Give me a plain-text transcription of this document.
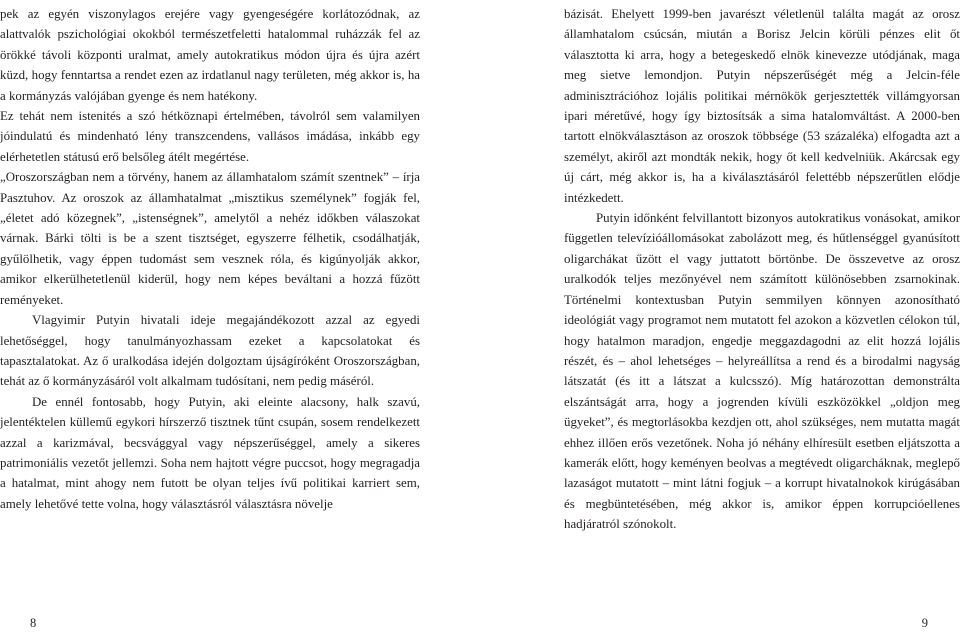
pek az egyén viszonylagos erejére vagy gyengeségére korlátozódnak, az alattvalók pszichológiai okokból természetfeletti hatalommal ruházzák fel az örökké távoli központi uralmat, amely autokratikus módon újra és újra azért küzd, hogy fenntartsa a rendet ezen az irdatlanul nagy területen, még akkor is, ha a kormányzás valójában gyenge és nem hatékony.

Ez tehát nem istenités a szó hétköznapi értelmében, távolról sem valamilyen jóindulatú és mindenható lény transzcendens, vallásos imádása, inkább egy elérhetetlen státusú erő belsőleg átélt megértése.

„Oroszországban nem a törvény, hanem az államhatalom számít szentnek” – írja Pasztuhov. Az oroszok az államhatalmat „misztikus személynek” fogják fel, „életet adó közegnek”, „istenségnek”, amelytől a nehéz időkben válaszokat várnak. Bárki tölti is be a szent tisztséget, egyszerre félhetik, csodálhatják, gyűlölhetik, vagy éppen tudomást sem vesznek róla, és kigúnyolják akkor, amikor elkerülhetetlenül kiderül, hogy nem képes beváltani a hozzá fűzött reményeket.

Vlagyimir Putyin hivatali ideje megajándékozott azzal az egyedi lehetőséggel, hogy tanulmányozhassam ezeket a kapcsolatokat és tapasztalatokat. Az ő uralkodása idején dolgoztam újságíróként Oroszországban, tehát az ő kormányzásáról volt alkalmam tudósítani, nem pedig máséról.

De ennél fontosabb, hogy Putyin, aki eleinte alacsony, halk szavú, jelentéktelen küllemű egykori hírszerző tisztnek tűnt csupán, sosem rendelkezett azzal a karizmával, becsvággyal vagy népszerűséggel, amely a sikeres patrimoniális vezetőt jellemzi. Soha nem hajtott végre puccsot, hogy megragadja a hatalmat, mint ahogy nem futott be olyan teljes ívű politikai karriert sem, amely lehetővé tette volna, hogy választásról választásra növelje

8

bázisát. Ehelyett 1999-ben javarészt véletlenül találta magát az orosz államhatalom csúcsán, miután a Borisz Jelcin körüli pénzes elit őt választotta ki arra, hogy a betegeskedő elnök kinevezze utódjának, maga meg sietve lemondjon. Putyin népszerűségét még a Jelcin-féle adminisztrációhoz lojális politikai mérnökök gerjesztették villámgyorsan ipari méretűvé, hogy így biztosítsák a sima hatalomváltást. A 2000-ben tartott elnökválasztáson az oroszok többsége (53 százaléka) elfogadta azt a személyt, akiről azt mondták nekik, hogy őt kell kedvelniük. Akárcsak egy új cárt, még akkor is, ha a kiválasztásáról felettébb népszerűtlen elődje intézkedett.

Putyin időnként felvillantott bizonyos autokratikus vonásokat, amikor független televízióállomásokat zabolázott meg, és hűtlenséggel gyanúsított oligarchákat űzött el vagy juttatott börtönbe. De összevetve az orosz uralkodók teljes mezőnyével nem számított különösebben zsarnokinak. Történelmi kontextusban Putyin semmilyen könnyen azonosítható ideológiát vagy programot nem mutatott fel azokon a közvetlen célokon túl, hogy hatalmon maradjon, engedje meggazdagodni az elit hozzá lojális részét, és – ahol lehetséges – helyreállítsa a rend és a birodalmi nagyság látszatát (és itt a látszat a kulcsszó). Míg határozottan demonstrálta elszántságát arra, hogy a jogrenden kívüli eszközökkel „oldjon meg ügyeket”, és megtorlásokba kezdjen ott, ahol szükséges, nem mutatta magát ehhez illően erős vezetőnek. Noha jó néhány elhíresült esetben eljátszotta a kamerák előtt, hogy keményen beolvas a megtévedt oligarcháknak, meglepő lazaságot mutatott – mint látni fogjuk – a korrupt hivatalnokok kirúgásában és megbüntetésében, még akkor is, amikor éppen korrupcióellenes hadjáratról szónokolt.

9
